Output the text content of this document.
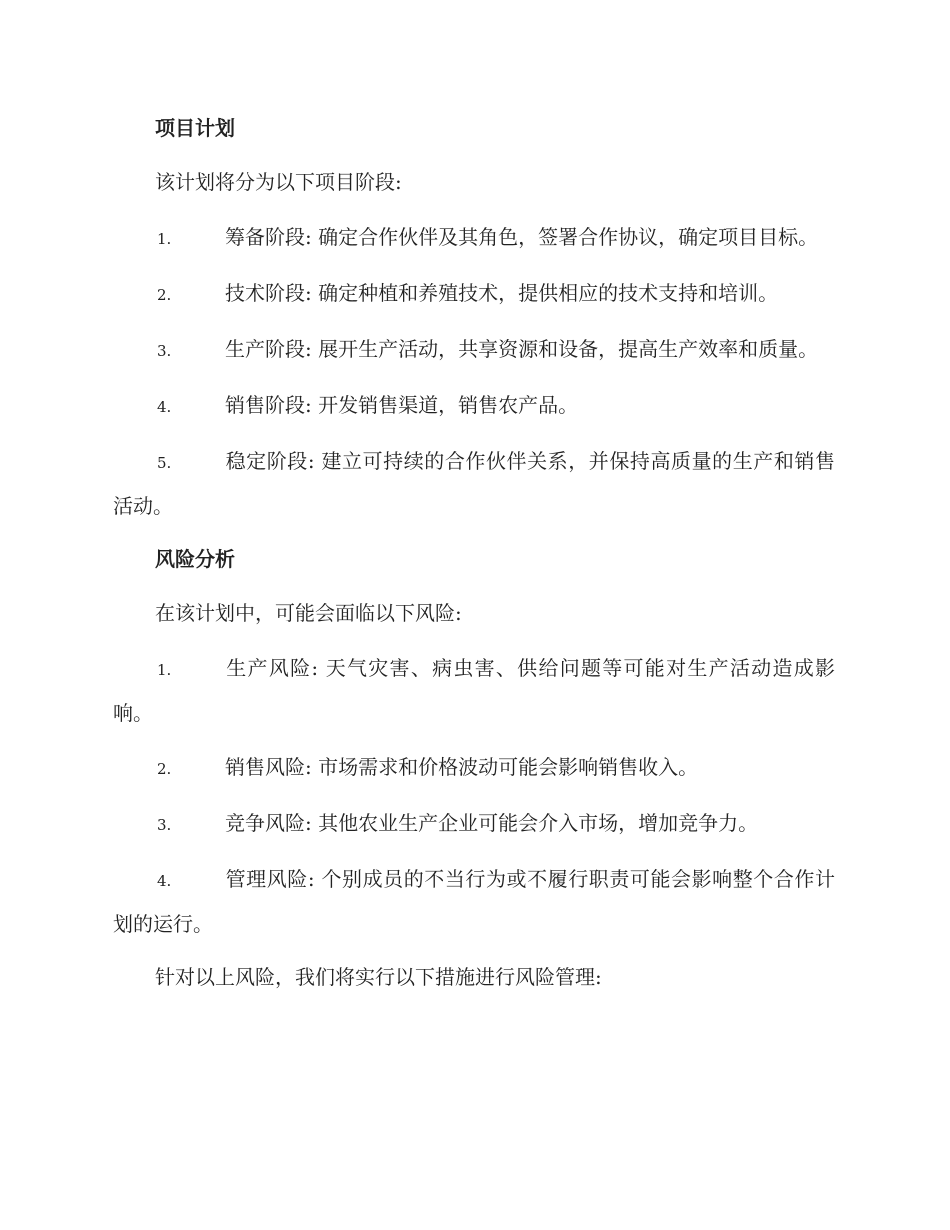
项目计划

该计划将分为以下项目阶段:

1.	筹备阶段: 确定合作伙伴及其角色，签署合作协议，确定项目目标。

2.	技术阶段: 确定种植和养殖技术，提供相应的技术支持和培训。

3.	生产阶段: 展开生产活动，共享资源和设备，提高生产效率和质量。

4.	销售阶段: 开发销售渠道，销售农产品。

5.	稳定阶段: 建立可持续的合作伙伴关系，并保持高质量的生产和销售活动。

风险分析

在该计划中，可能会面临以下风险:

1.	生产风险: 天气灾害、病虫害、供给问题等可能对生产活动造成影响。

2.	销售风险: 市场需求和价格波动可能会影响销售收入。

3.	竞争风险: 其他农业生产企业可能会介入市场，增加竞争力。

4.	管理风险: 个别成员的不当行为或不履行职责可能会影响整个合作计划的运行。

针对以上风险，我们将实行以下措施进行风险管理:
